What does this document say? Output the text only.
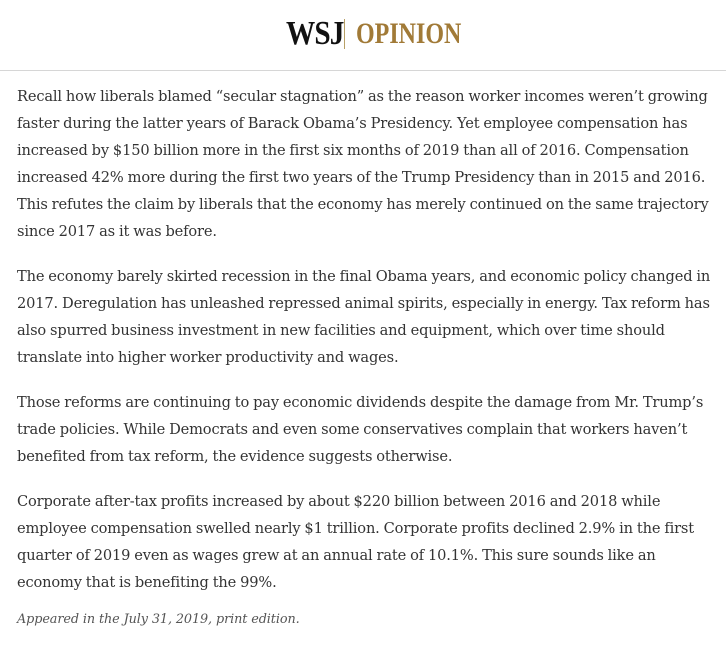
WSJ OPINION

Recall how liberals blamed “secular stagnation” as the reason worker incomes weren’t growing faster during the latter years of Barack Obama’s Presidency. Yet employee compensation has increased by $150 billion more in the first six months of 2019 than all of 2016. Compensation increased 42% more during the first two years of the Trump Presidency than in 2015 and 2016. This refutes the claim by liberals that the economy has merely continued on the same trajectory since 2017 as it was before.

The economy barely skirted recession in the final Obama years, and economic policy changed in 2017. Deregulation has unleashed repressed animal spirits, especially in energy. Tax reform has also spurred business investment in new facilities and equipment, which over time should translate into higher worker productivity and wages.

Those reforms are continuing to pay economic dividends despite the damage from Mr. Trump’s trade policies. While Democrats and even some conservatives complain that workers haven’t benefited from tax reform, the evidence suggests otherwise.

Corporate after-tax profits increased by about $220 billion between 2016 and 2018 while employee compensation swelled nearly $1 trillion. Corporate profits declined 2.9% in the first quarter of 2019 even as wages grew at an annual rate of 10.1%. This sure sounds like an economy that is benefiting the 99%.

Appeared in the July 31, 2019, print edition.
